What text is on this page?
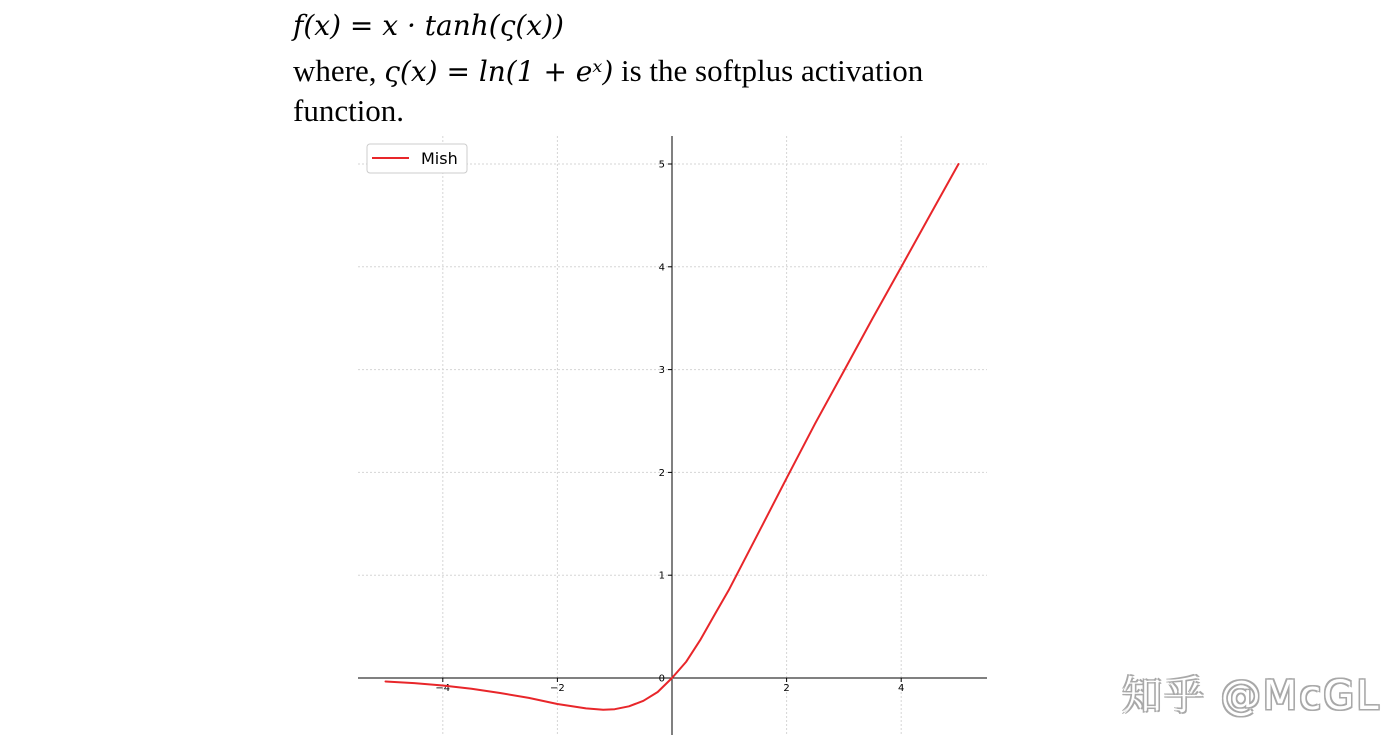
f(x) = x · tanh(ς(x))
where, ς(x) = ln(1 + eˣ) is the softplus activation
function.
−4	−2	2	4
0
1
2
3
4
5
Mish
知乎 @McGL
